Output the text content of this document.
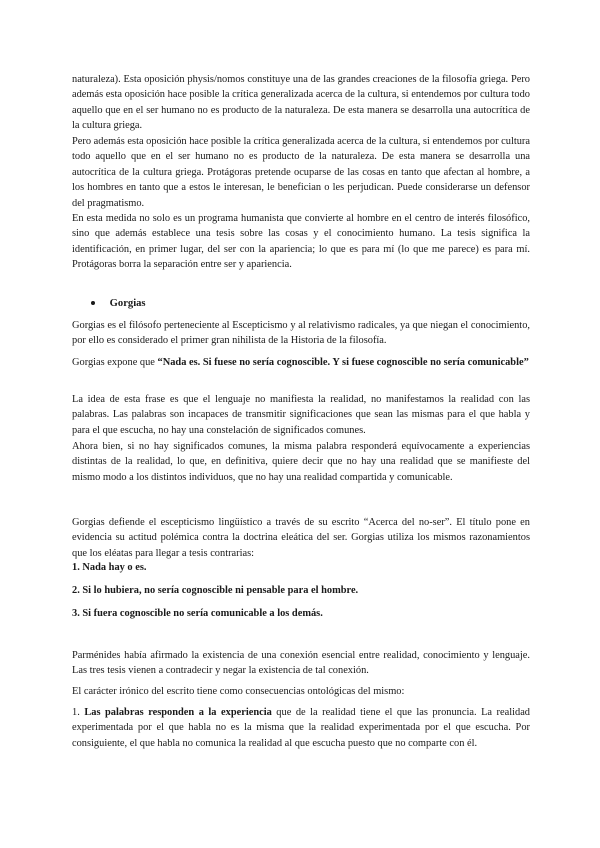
naturaleza). Esta oposición physis/nomos constituye una de las grandes creaciones de la filosofía griega. Pero además esta oposición hace posible la crítica generalizada acerca de la cultura, si entendemos por cultura todo aquello que en el ser humano no es producto de la naturaleza. De esta manera se desarrolla una autocrítica de la cultura griega.

Pero además esta oposición hace posible la crítica generalizada acerca de la cultura, si entendemos por cultura todo aquello que en el ser humano no es producto de la naturaleza. De esta manera se desarrolla una autocrítica de la cultura griega. Protágoras pretende ocuparse de las cosas en tanto que afectan al hombre, a los hombres en tanto que a estos le interesan, le benefician o les perjudican. Puede considerarse un defensor del pragmatismo.

En esta medida no solo es un programa humanista que convierte al hombre en el centro de interés filosófico, sino que además establece una tesis sobre las cosas y el conocimiento humano. La tesis significa la identificación, en primer lugar, del ser con la apariencia; lo que es para mí (lo que me parece) es para mí. Protágoras borra la separación entre ser y apariencia.

Gorgias

Gorgias es el filósofo perteneciente al Escepticismo y al relativismo radicales, ya que niegan el conocimiento, por ello es considerado el primer gran nihilista de la Historia de la filosofía.

Gorgias expone que “Nada es. Si fuese no sería cognoscible. Y si fuese cognoscible no sería comunicable”

La idea de esta frase es que el lenguaje no manifiesta la realidad, no manifestamos la realidad con las palabras. Las palabras son incapaces de transmitir significaciones que sean las mismas para el que habla y para el que escucha, no hay una constelación de significados comunes.

Ahora bien, si no hay significados comunes, la misma palabra responderá equívocamente a experiencias distintas de la realidad, lo que, en definitiva, quiere decir que no hay una realidad que se manifieste del mismo modo a los distintos individuos, que no hay una realidad compartida y comunicable.

Gorgias defiende el escepticismo lingüístico a través de su escrito “Acerca del no-ser”. El título pone en evidencia su actitud polémica contra la doctrina eleática del ser. Gorgias utiliza los mismos razonamientos que los eléatas para llegar a tesis contrarias:

1. Nada hay o es.

2. Si lo hubiera, no sería cognoscible ni pensable para el hombre.

3. Si fuera cognoscible no sería comunicable a los demás.

Parménides había afirmado la existencia de una conexión esencial entre realidad, conocimiento y lenguaje. Las tres tesis vienen a contradecir y negar la existencia de tal conexión.

El carácter irónico del escrito tiene como consecuencias ontológicas del mismo:

1. Las palabras responden a la experiencia que de la realidad tiene el que las pronuncia. La realidad experimentada por el que habla no es la misma que la realidad experimentada por el que escucha. Por consiguiente, el que habla no comunica la realidad al que escucha puesto que no comparte con él.
